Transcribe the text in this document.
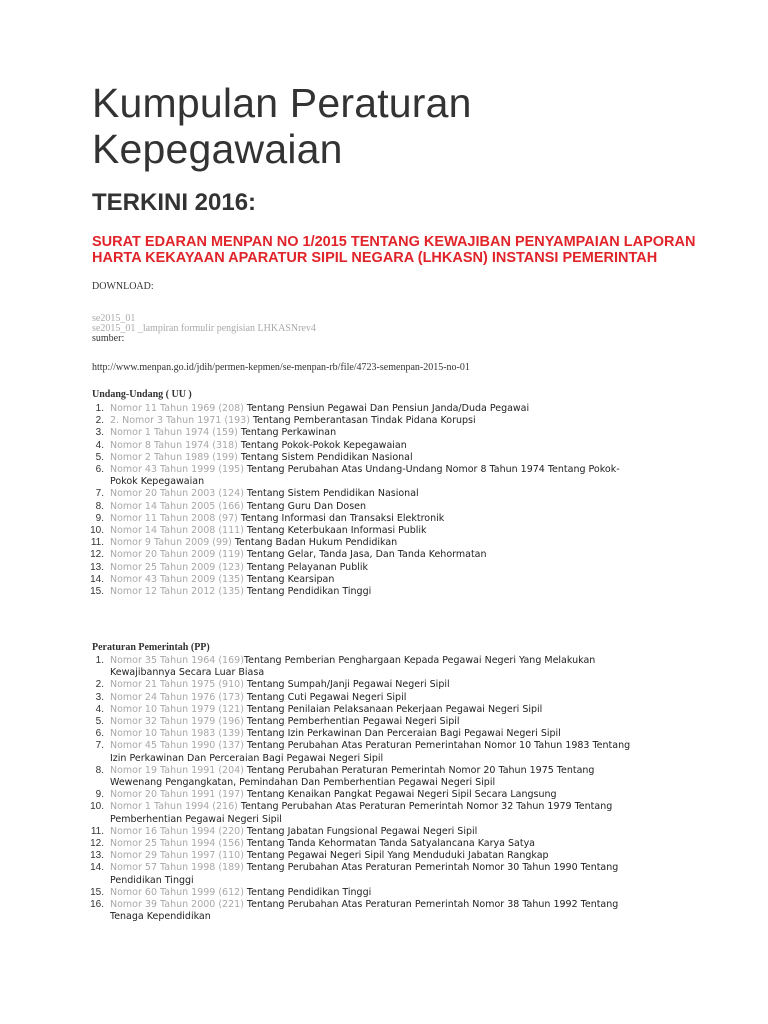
Kumpulan Peraturan Kepegawaian
TERKINI 2016:
SURAT EDARAN MENPAN NO 1/2015 TENTANG KEWAJIBAN PENYAMPAIAN LAPORAN HARTA KEKAYAAN APARATUR SIPIL NEGARA (LHKASN) INSTANSI PEMERINTAH
DOWNLOAD:
se2015_01
se2015_01 _lampiran formulir pengisian LHKASNrev4
sumber:
http://www.menpan.go.id/jdih/permen-kepmen/se-menpan-rb/file/4723-semenpan-2015-no-01
Undang-Undang ( UU )
1. Nomor 11 Tahun 1969 (208) Tentang Pensiun Pegawai Dan Pensiun Janda/Duda Pegawai
2. 2. Nomor 3 Tahun 1971 (193) Tentang Pemberantasan Tindak Pidana Korupsi
3. Nomor 1 Tahun 1974 (159) Tentang Perkawinan
4. Nomor 8 Tahun 1974 (318) Tentang Pokok-Pokok Kepegawaian
5. Nomor 2 Tahun 1989 (199) Tentang Sistem Pendidikan Nasional
6. Nomor 43 Tahun 1999 (195) Tentang Perubahan Atas Undang-Undang Nomor 8 Tahun 1974 Tentang Pokok-Pokok Kepegawaian
7. Nomor 20 Tahun 2003 (124) Tentang Sistem Pendidikan Nasional
8. Nomor 14 Tahun 2005 (166) Tentang Guru Dan Dosen
9. Nomor 11 Tahun 2008 (97) Tentang Informasi dan Transaksi Elektronik
10. Nomor 14 Tahun 2008 (111) Tentang Keterbukaan Informasi Publik
11. Nomor 9 Tahun 2009 (99) Tentang Badan Hukum Pendidikan
12. Nomor 20 Tahun 2009 (119) Tentang Gelar, Tanda Jasa, Dan Tanda Kehormatan
13. Nomor 25 Tahun 2009 (123) Tentang Pelayanan Publik
14. Nomor 43 Tahun 2009 (135) Tentang Kearsipan
15. Nomor 12 Tahun 2012 (135) Tentang Pendidikan Tinggi
Peraturan Pemerintah (PP)
1. Nomor 35 Tahun 1964 (169)Tentang Pemberian Penghargaan Kepada Pegawai Negeri Yang Melakukan Kewajibannya Secara Luar Biasa
2. Nomor 21 Tahun 1975 (910) Tentang Sumpah/Janji Pegawai Negeri Sipil
3. Nomor 24 Tahun 1976 (173) Tentang Cuti Pegawai Negeri Sipil
4. Nomor 10 Tahun 1979 (121) Tentang Penilaian Pelaksanaan Pekerjaan Pegawai Negeri Sipil
5. Nomor 32 Tahun 1979 (196) Tentang Pemberhentian Pegawai Negeri Sipil
6. Nomor 10 Tahun 1983 (139) Tentang Izin Perkawinan Dan Perceraian Bagi Pegawai Negeri Sipil
7. Nomor 45 Tahun 1990 (137) Tentang Perubahan Atas Peraturan Pemerintahan Nomor 10 Tahun 1983 Tentang Izin Perkawinan Dan Perceraian Bagi Pegawai Negeri Sipil
8. Nomor 19 Tahun 1991 (204) Tentang Perubahan Peraturan Pemerintah Nomor 20 Tahun 1975 Tentang Wewenang Pengangkatan, Pemindahan Dan Pemberhentian Pegawai Negeri Sipil
9. Nomor 20 Tahun 1991 (197) Tentang Kenaikan Pangkat Pegawai Negeri Sipil Secara Langsung
10. Nomor 1 Tahun 1994 (216) Tentang Perubahan Atas Peraturan Pemerintah Nomor 32 Tahun 1979 Tentang Pemberhentian Pegawai Negeri Sipil
11. Nomor 16 Tahun 1994 (220) Tentang Jabatan Fungsional Pegawai Negeri Sipil
12. Nomor 25 Tahun 1994 (156) Tentang Tanda Kehormatan Tanda Satyalancana Karya Satya
13. Nomor 29 Tahun 1997 (110) Tentang Pegawai Negeri Sipil Yang Menduduki Jabatan Rangkap
14. Nomor 57 Tahun 1998 (189) Tentang Perubahan Atas Peraturan Pemerintah Nomor 30 Tahun 1990 Tentang Pendidikan Tinggi
15. Nomor 60 Tahun 1999 (612) Tentang Pendidikan Tinggi
16. Nomor 39 Tahun 2000 (221) Tentang Perubahan Atas Peraturan Pemerintah Nomor 38 Tahun 1992 Tentang Tenaga Kependidikan
